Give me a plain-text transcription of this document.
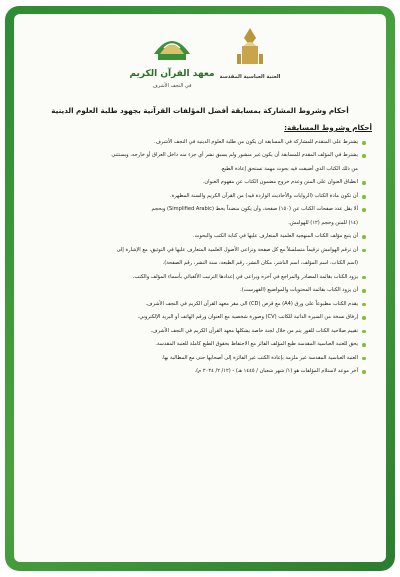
معهد القرآن الكريم
في النجف الأشرف
العتبة العباسية المقدسة
أحكام وشروط المشاركة بمسابقة أفضل المؤلفات القرآنية بجهود طلبة العلوم الدينية
أحكام وشروط المسابقة:
يشترط على المتقدم للمشاركة في المسابقة ان يكون من طلبة العلوم الدينية في النجف الأشرف.
يشترط في المؤلف المقدم للمسابقة أن يكون غير منشور ولم يسبق نشر أي جزء منه داخل العراق أو خارجه، ويستثنى
من ذلك الكتاب الذي أضيفت فيه بحوث مهمة تستحق إعادة الطبع.
انطباق العنوان على المتن وعدم خروج مضمون الكتاب عن مفهوم العنوان.
أن تكون مادة الكتاب (الروايات والأحاديث الواردة فيه) من القرآن الكريم والسنة المطهرة.
ألا يقل عدد صفحات الكتاب عن (١٥٠) صفحة، وأن يكون منضداً بخط (Simplified Arabic) وبحجم
(١٤) للمتن وحجم (١٢) للهوامش.
أن يتبع مؤلف الكتاب المنهجية العلمية المتعارف عليها في كتابة الكتب والبحوث.
أن ترقم الهوامش ترقيماً متسلسلاً مع كل صفحة وتراعى الأصول العلمية المتعارف عليها في التوثيق، مع الإشارة إلى
(اسم الكتاب، اسم المؤلف، اسم الناشر، مكان النشر، رقم الطبعة، سنة النشر، رقم الصفحة).
يزود الكتاب بقائمة المصادر والمراجع في آخره ويراعى في إعدادها الترتيب الألفبائي بأسماء المؤلف والكتب.
أن يزود الكتاب بقائمة المحتويات والمواضيع (الفهرست).
يقدم الكتاب مطبوعاً على ورق (A4) مع قرص (CD) الى مقر معهد القرآن الكريم في النجف الأشرف.
إرفاق نسخة من السيرة الذاتية للكاتب (CV) وصورة شخصية مع العنوان ورقم الهاتف أو البريد الإلكتروني.
تقييم صلاحية الكتاب للفوز يتم من خلال لجنة خاصة يشكلها معهد القرآن الكريم في النجف الأشرف.
يحق للعتبة العباسية المقدسة طبع المؤلف الفائز مع الاحتفاظ بحقوق الطبع كاملة للعتبة المقدسة.
العتبة العباسية المقدسة غير ملزمة بإعادة الكتب غير الفائزة إلى أصحابها حتى مع المطالبة بها.
آخر موعد لاستلام المؤلفات هو (١/ شهر شعبان / ١٤٤٥ هـ) - (١٢/ ٢/ ٢٠٢٤ م).
